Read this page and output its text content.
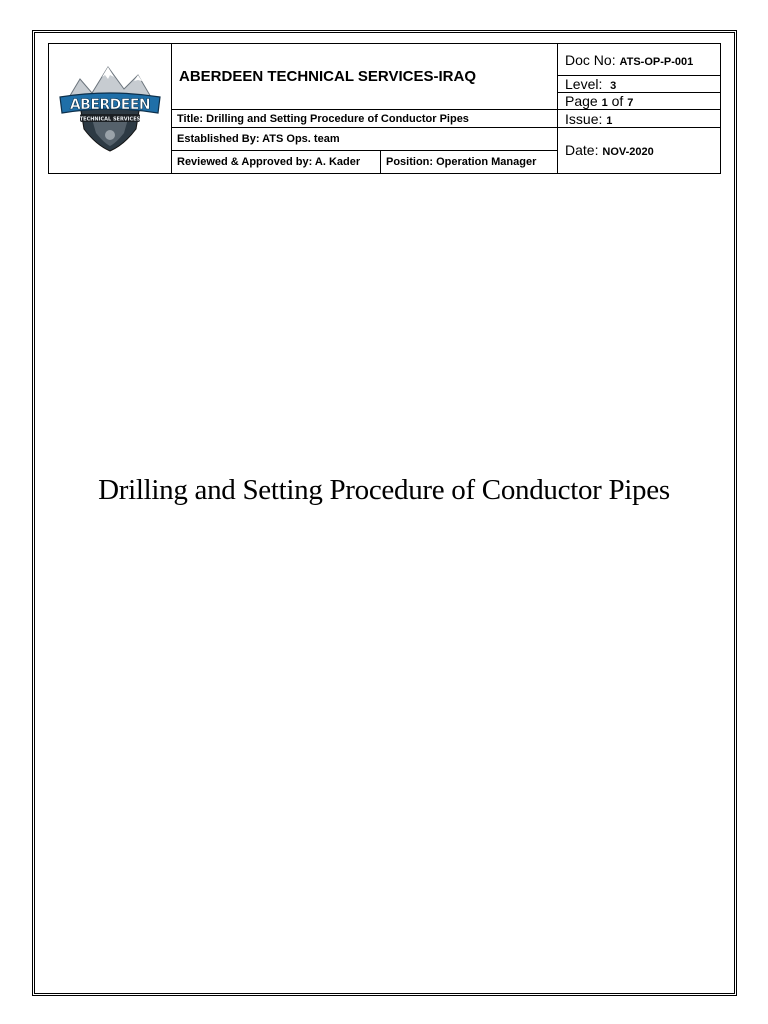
ABERDEEN
TECHNICAL SERVICES	ABERDEEN TECHNICAL SERVICES-IRAQ		Doc No: ATS-OP-P-001
			Level: 3
			Page 1 of 7
	Title: Drilling and Setting Procedure of Conductor Pipes		Issue: 1
	Established By: ATS Ops. team		Date: NOV-2020
	Reviewed & Approved by: A. Kader	Position: Operation Manager	
Drilling and Setting Procedure of Conductor Pipes
